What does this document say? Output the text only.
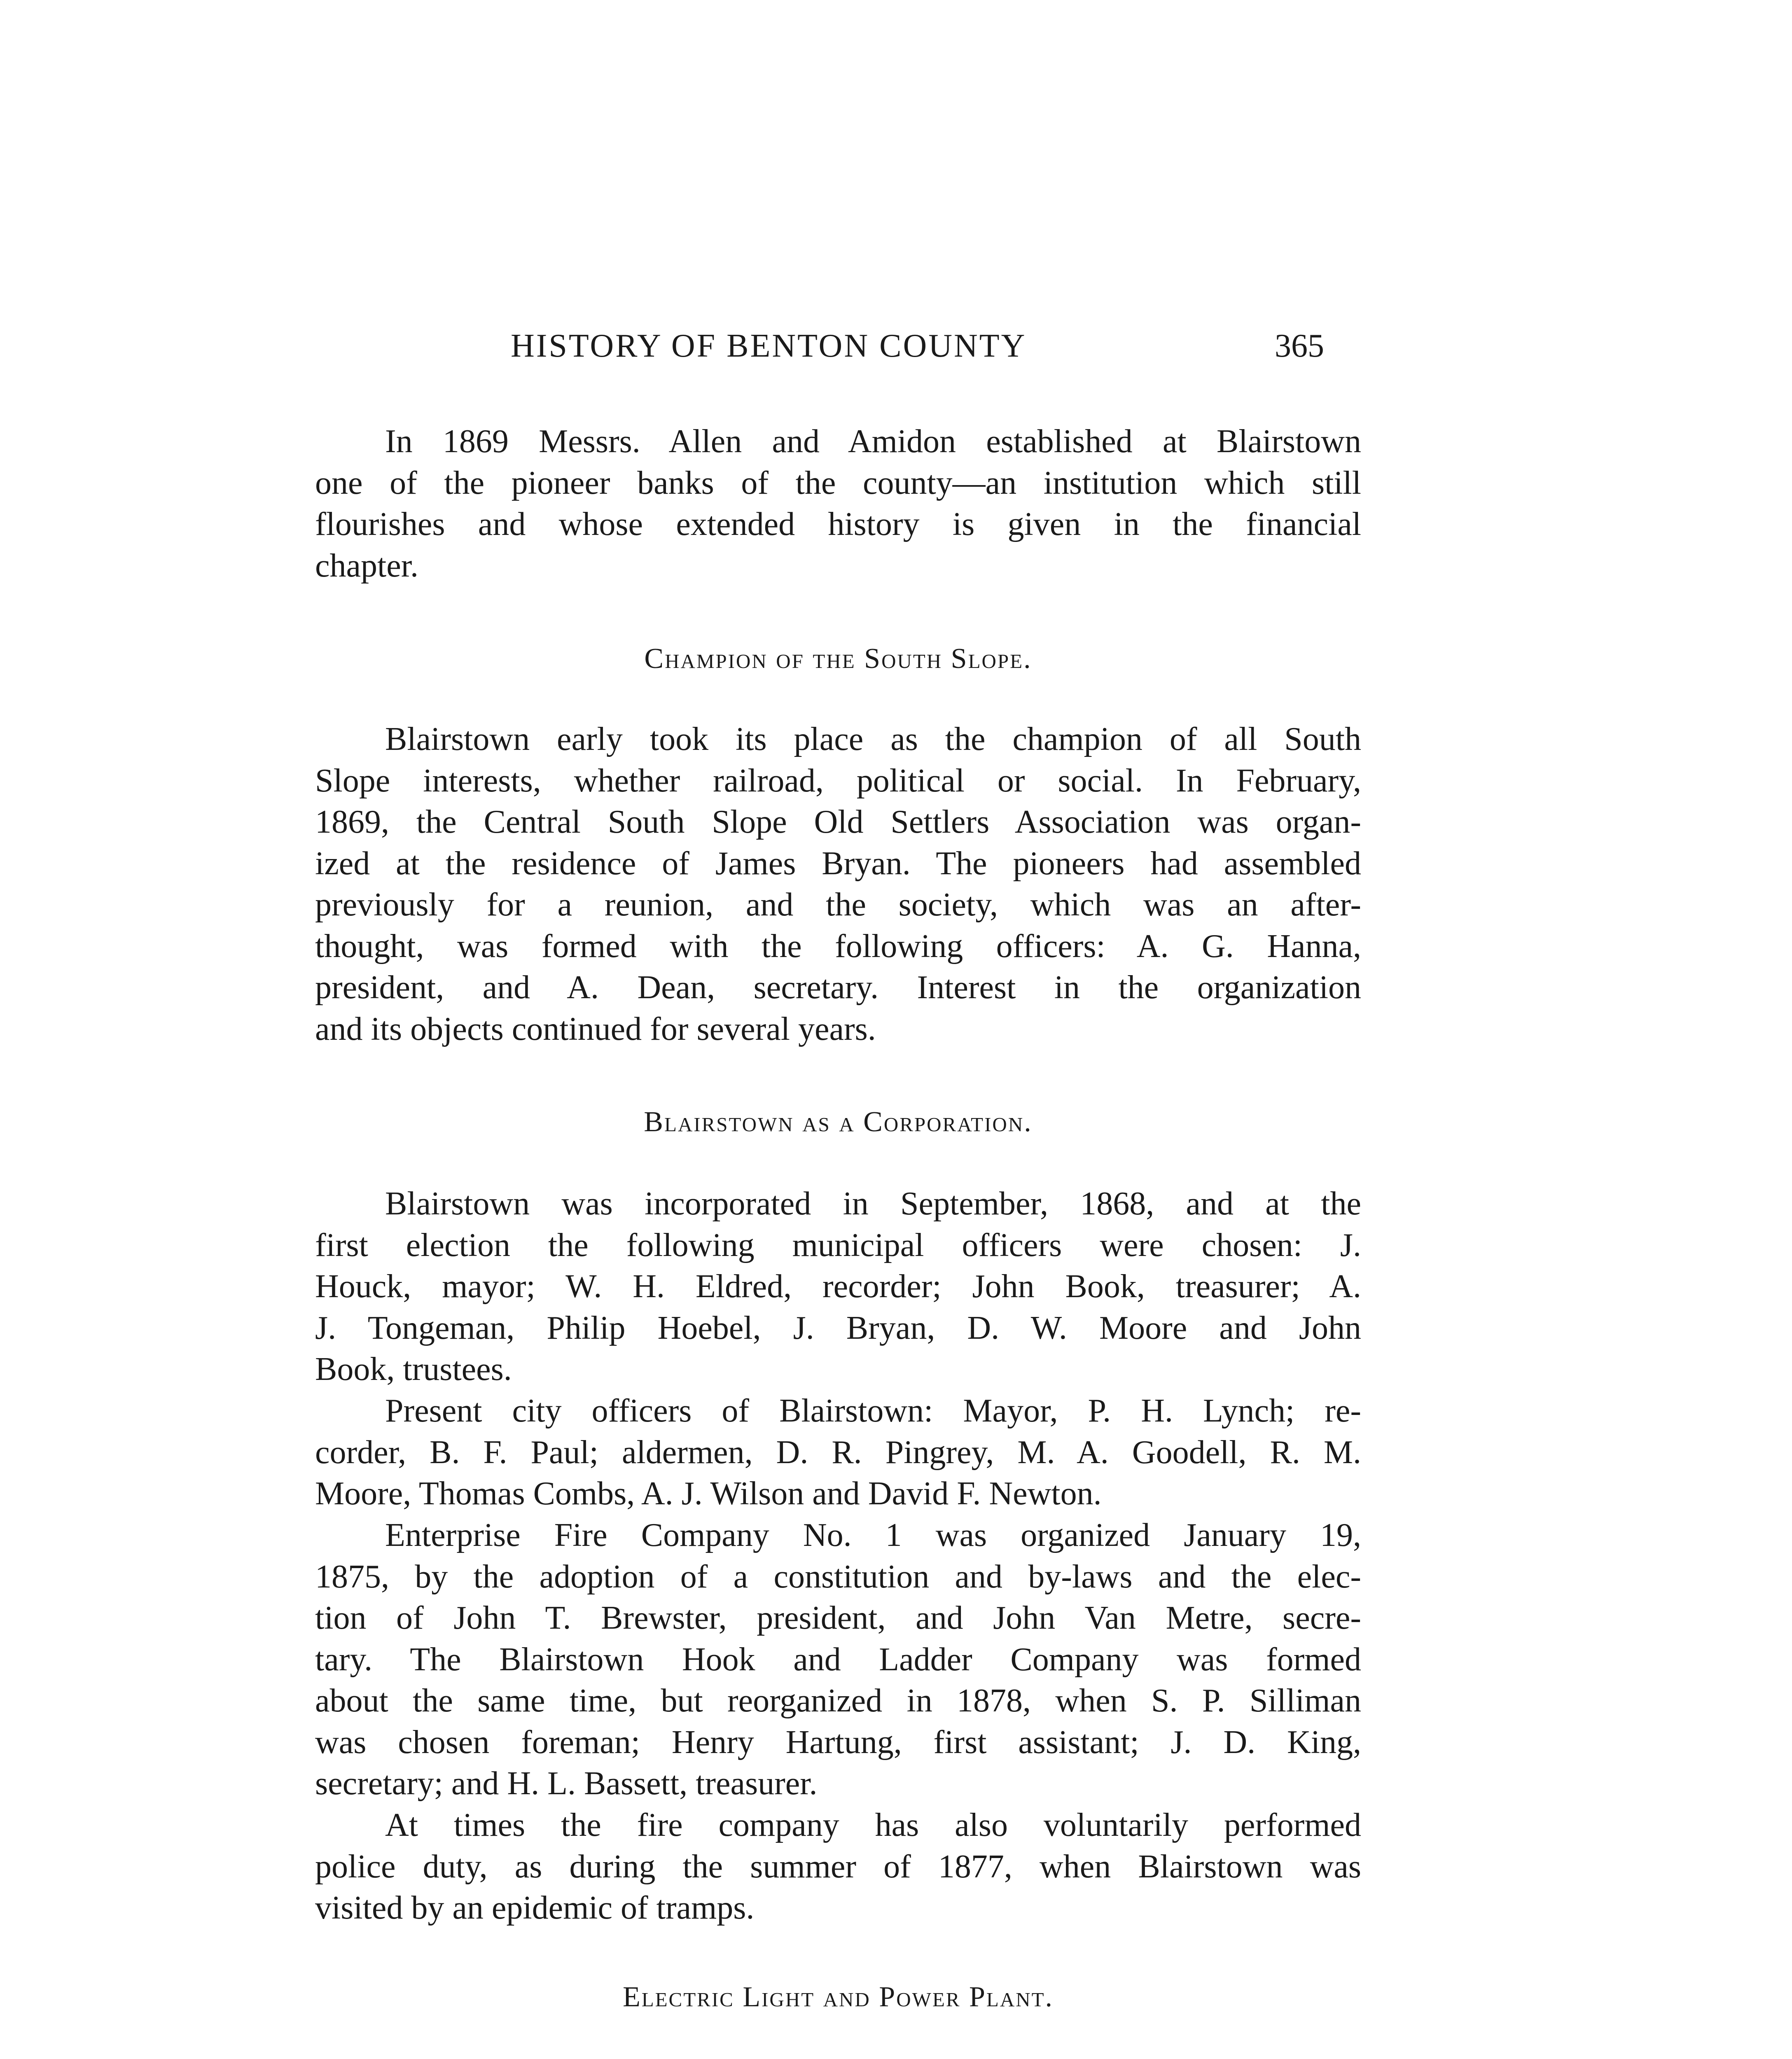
HISTORY OF BENTON COUNTY	365
In 1869 Messrs. Allen and Amidon established at Blairstown
one of the pioneer banks of the county—an institution which still
flourishes and whose extended history is given in the financial
chapter.
Champion of the South Slope.
Blairstown early took its place as the champion of all South
Slope interests, whether railroad, political or social. In February,
1869, the Central South Slope Old Settlers Association was organ-
ized at the residence of James Bryan. The pioneers had assembled
previously for a reunion, and the society, which was an after-
thought, was formed with the following officers: A. G. Hanna,
president, and A. Dean, secretary. Interest in the organization
and its objects continued for several years.
Blairstown as a Corporation.
Blairstown was incorporated in September, 1868, and at the
first election the following municipal officers were chosen: J.
Houck, mayor; W. H. Eldred, recorder; John Book, treasurer; A.
J. Tongeman, Philip Hoebel, J. Bryan, D. W. Moore and John
Book, trustees.
Present city officers of Blairstown: Mayor, P. H. Lynch; re-
corder, B. F. Paul; aldermen, D. R. Pingrey, M. A. Goodell, R. M.
Moore, Thomas Combs, A. J. Wilson and David F. Newton.
Enterprise Fire Company No. 1 was organized January 19,
1875, by the adoption of a constitution and by-laws and the elec-
tion of John T. Brewster, president, and John Van Metre, secre-
tary. The Blairstown Hook and Ladder Company was formed
about the same time, but reorganized in 1878, when S. P. Silliman
was chosen foreman; Henry Hartung, first assistant; J. D. King,
secretary; and H. L. Bassett, treasurer.
At times the fire company has also voluntarily performed
police duty, as during the summer of 1877, when Blairstown was
visited by an epidemic of tramps.
Electric Light and Power Plant.
